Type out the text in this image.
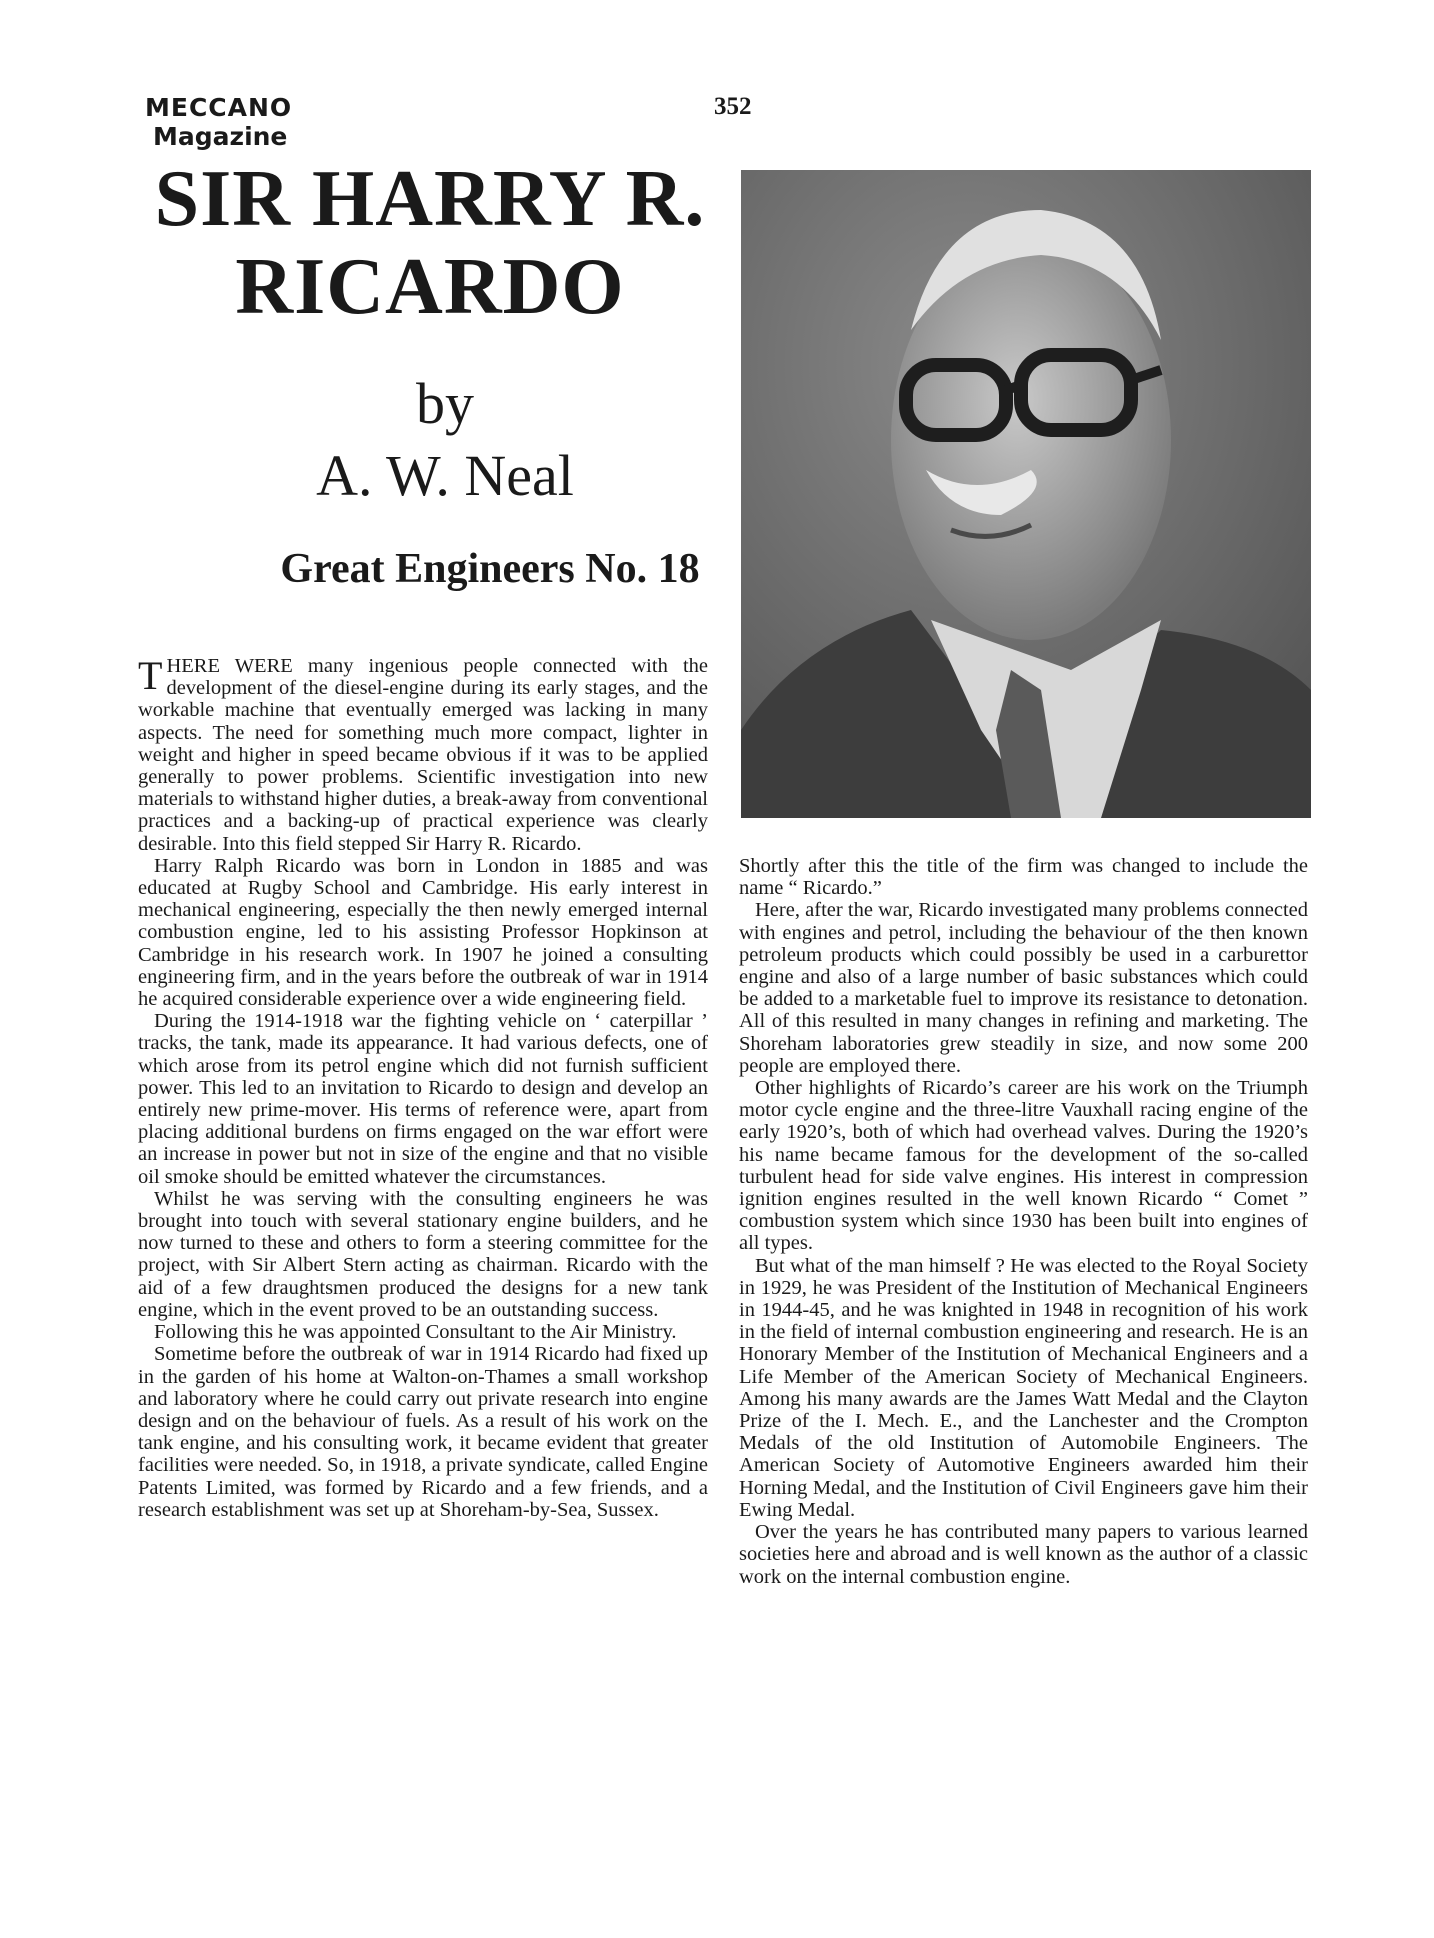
MECCANO
Magazine
352
SIR HARRY R.
RICARDO
by
A. W. Neal
Great Engineers No. 18

THERE WERE many ingenious people connected with the development of the diesel-engine during its early stages, and the workable machine that eventually emerged was lacking in many aspects. The need for something much more compact, lighter in weight and higher in speed became obvious if it was to be applied generally to power problems. Scientific investigation into new materials to withstand higher duties, a break-away from conventional practices and a backing-up of practical experience was clearly desirable. Into this field stepped Sir Harry R. Ricardo.

Harry Ralph Ricardo was born in London in 1885 and was educated at Rugby School and Cambridge. His early interest in mechanical engineering, especially the then newly emerged internal combustion engine, led to his assisting Professor Hopkinson at Cambridge in his research work. In 1907 he joined a consulting engineering firm, and in the years before the outbreak of war in 1914 he acquired considerable experience over a wide engineering field.

During the 1914-1918 war the fighting vehicle on ‘ caterpillar ’ tracks, the tank, made its appearance. It had various defects, one of which arose from its petrol engine which did not furnish sufficient power. This led to an invitation to Ricardo to design and develop an entirely new prime-mover. His terms of reference were, apart from placing additional burdens on firms engaged on the war effort were an increase in power but not in size of the engine and that no visible oil smoke should be emitted whatever the circumstances.

Whilst he was serving with the consulting engineers he was brought into touch with several stationary engine builders, and he now turned to these and others to form a steering committee for the project, with Sir Albert Stern acting as chairman. Ricardo with the aid of a few draughtsmen produced the designs for a new tank engine, which in the event proved to be an outstanding success.

Following this he was appointed Consultant to the Air Ministry.

Sometime before the outbreak of war in 1914 Ricardo had fixed up in the garden of his home at Walton-on-Thames a small workshop and laboratory where he could carry out private research into engine design and on the behaviour of fuels. As a result of his work on the tank engine, and his consulting work, it became evident that greater facilities were needed. So, in 1918, a private syndicate, called Engine Patents Limited, was formed by Ricardo and a few friends, and a research establishment was set up at Shoreham-by-Sea, Sussex.

Shortly after this the title of the firm was changed to include the name “ Ricardo.”

Here, after the war, Ricardo investigated many problems connected with engines and petrol, including the behaviour of the then known petroleum products which could possibly be used in a carburettor engine and also of a large number of basic substances which could be added to a marketable fuel to improve its resistance to detonation. All of this resulted in many changes in refining and marketing. The Shoreham laboratories grew steadily in size, and now some 200 people are employed there.

Other highlights of Ricardo’s career are his work on the Triumph motor cycle engine and the three-litre Vauxhall racing engine of the early 1920’s, both of which had overhead valves. During the 1920’s his name became famous for the development of the so-called turbulent head for side valve engines. His interest in compression ignition engines resulted in the well known Ricardo “ Comet ” combustion system which since 1930 has been built into engines of all types.

But what of the man himself ? He was elected to the Royal Society in 1929, he was President of the Institution of Mechanical Engineers in 1944-45, and he was knighted in 1948 in recognition of his work in the field of internal combustion engineering and research. He is an Honorary Member of the Institution of Mechanical Engineers and a Life Member of the American Society of Mechanical Engineers. Among his many awards are the James Watt Medal and the Clayton Prize of the I. Mech. E., and the Lanchester and the Crompton Medals of the old Institution of Automobile Engineers. The American Society of Automotive Engineers awarded him their Horning Medal, and the Institution of Civil Engineers gave him their Ewing Medal.

Over the years he has contributed many papers to various learned societies here and abroad and is well known as the author of a classic work on the internal combustion engine.
